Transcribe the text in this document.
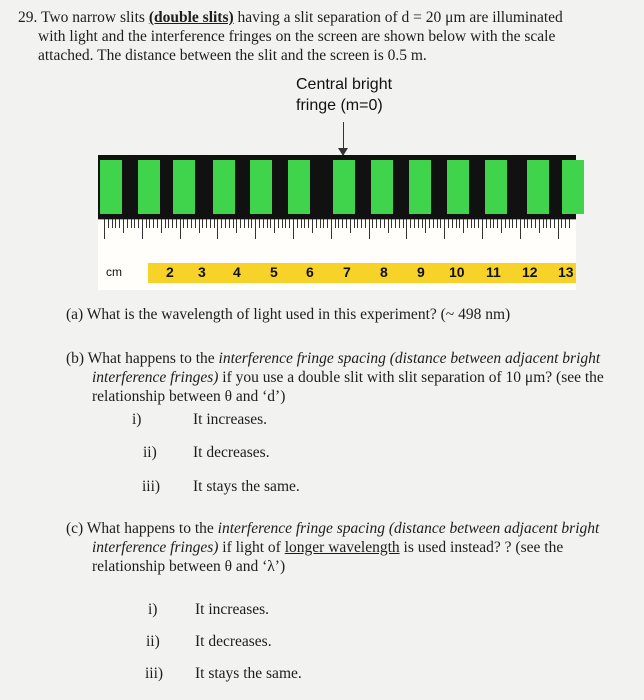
29. Two narrow slits (double slits) having a slit separation of d = 20 μm are illuminated
with light and the interference fringes on the screen are shown below with the scale
attached. The distance between the slit and the screen is 0.5 m.
Central bright
fringe (m=0)
cm	2 3 4 5 6 7 8 9 10 11 12 13
(a) What is the wavelength of light used in this experiment? (~ 498 nm)
(b) What happens to the interference fringe spacing (distance between adjacent bright
interference fringes) if you use a double slit with slit separation of 10 μm? (see the
relationship between θ and ‘d’)
i)	It increases.
ii) It decreases.
iii) It stays the same.
(c) What happens to the interference fringe spacing (distance between adjacent bright
interference fringes) if light of longer wavelength is used instead? ? (see the
relationship between θ and ‘λ’)
i) It increases.
ii) It decreases.
iii) It stays the same.
